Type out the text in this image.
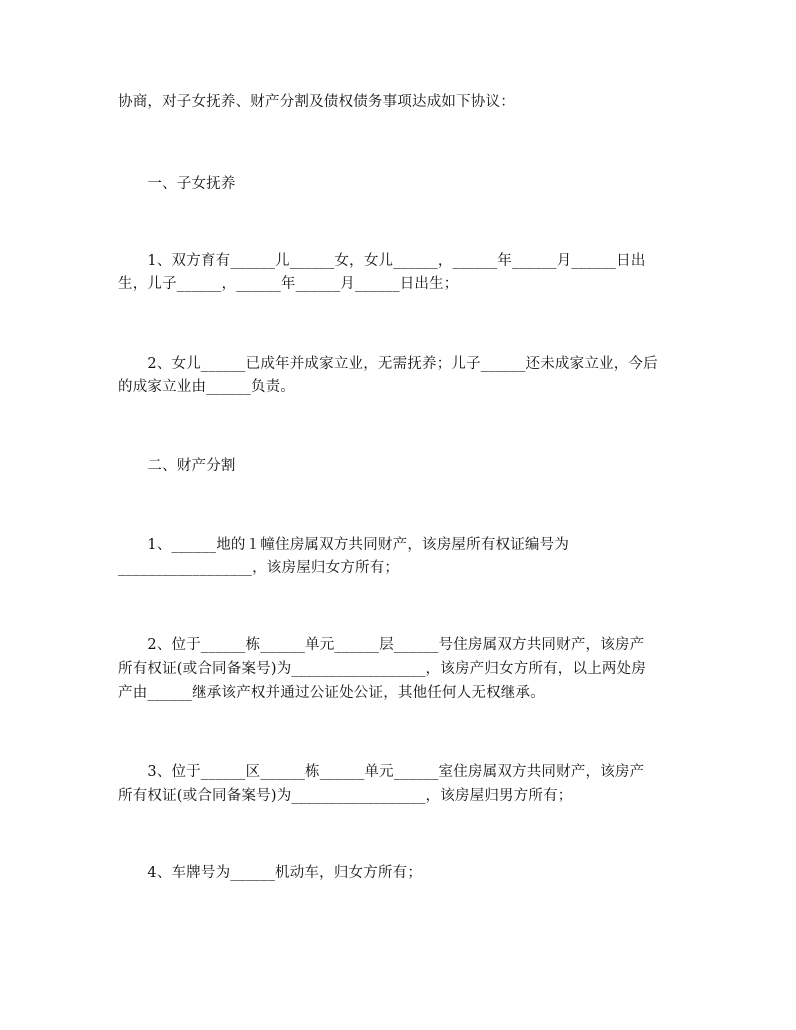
协商，对子女抚养、财产分割及债权债务事项达成如下协议：
　　一、子女抚养
　　1、双方育有______儿______女，女儿______，______年______月______日出
生，儿子______，______年______月______日出生；
　　2、女儿______已成年并成家立业，无需抚养；儿子______还未成家立业，今后
的成家立业由______负责。
　　二、财产分割
　　1、______地的１幢住房属双方共同财产，该房屋所有权证编号为
__________________，该房屋归女方所有；
　　2、位于______栋______单元______层______号住房属双方共同财产，该房产
所有权证(或合同备案号)为__________________，该房产归女方所有，以上两处房
产由______继承该产权并通过公证处公证，其他任何人无权继承。
　　3、位于______区______栋______单元______室住房属双方共同财产，该房产
所有权证(或合同备案号)为__________________，该房屋归男方所有；
　　4、车牌号为______机动车，归女方所有；
